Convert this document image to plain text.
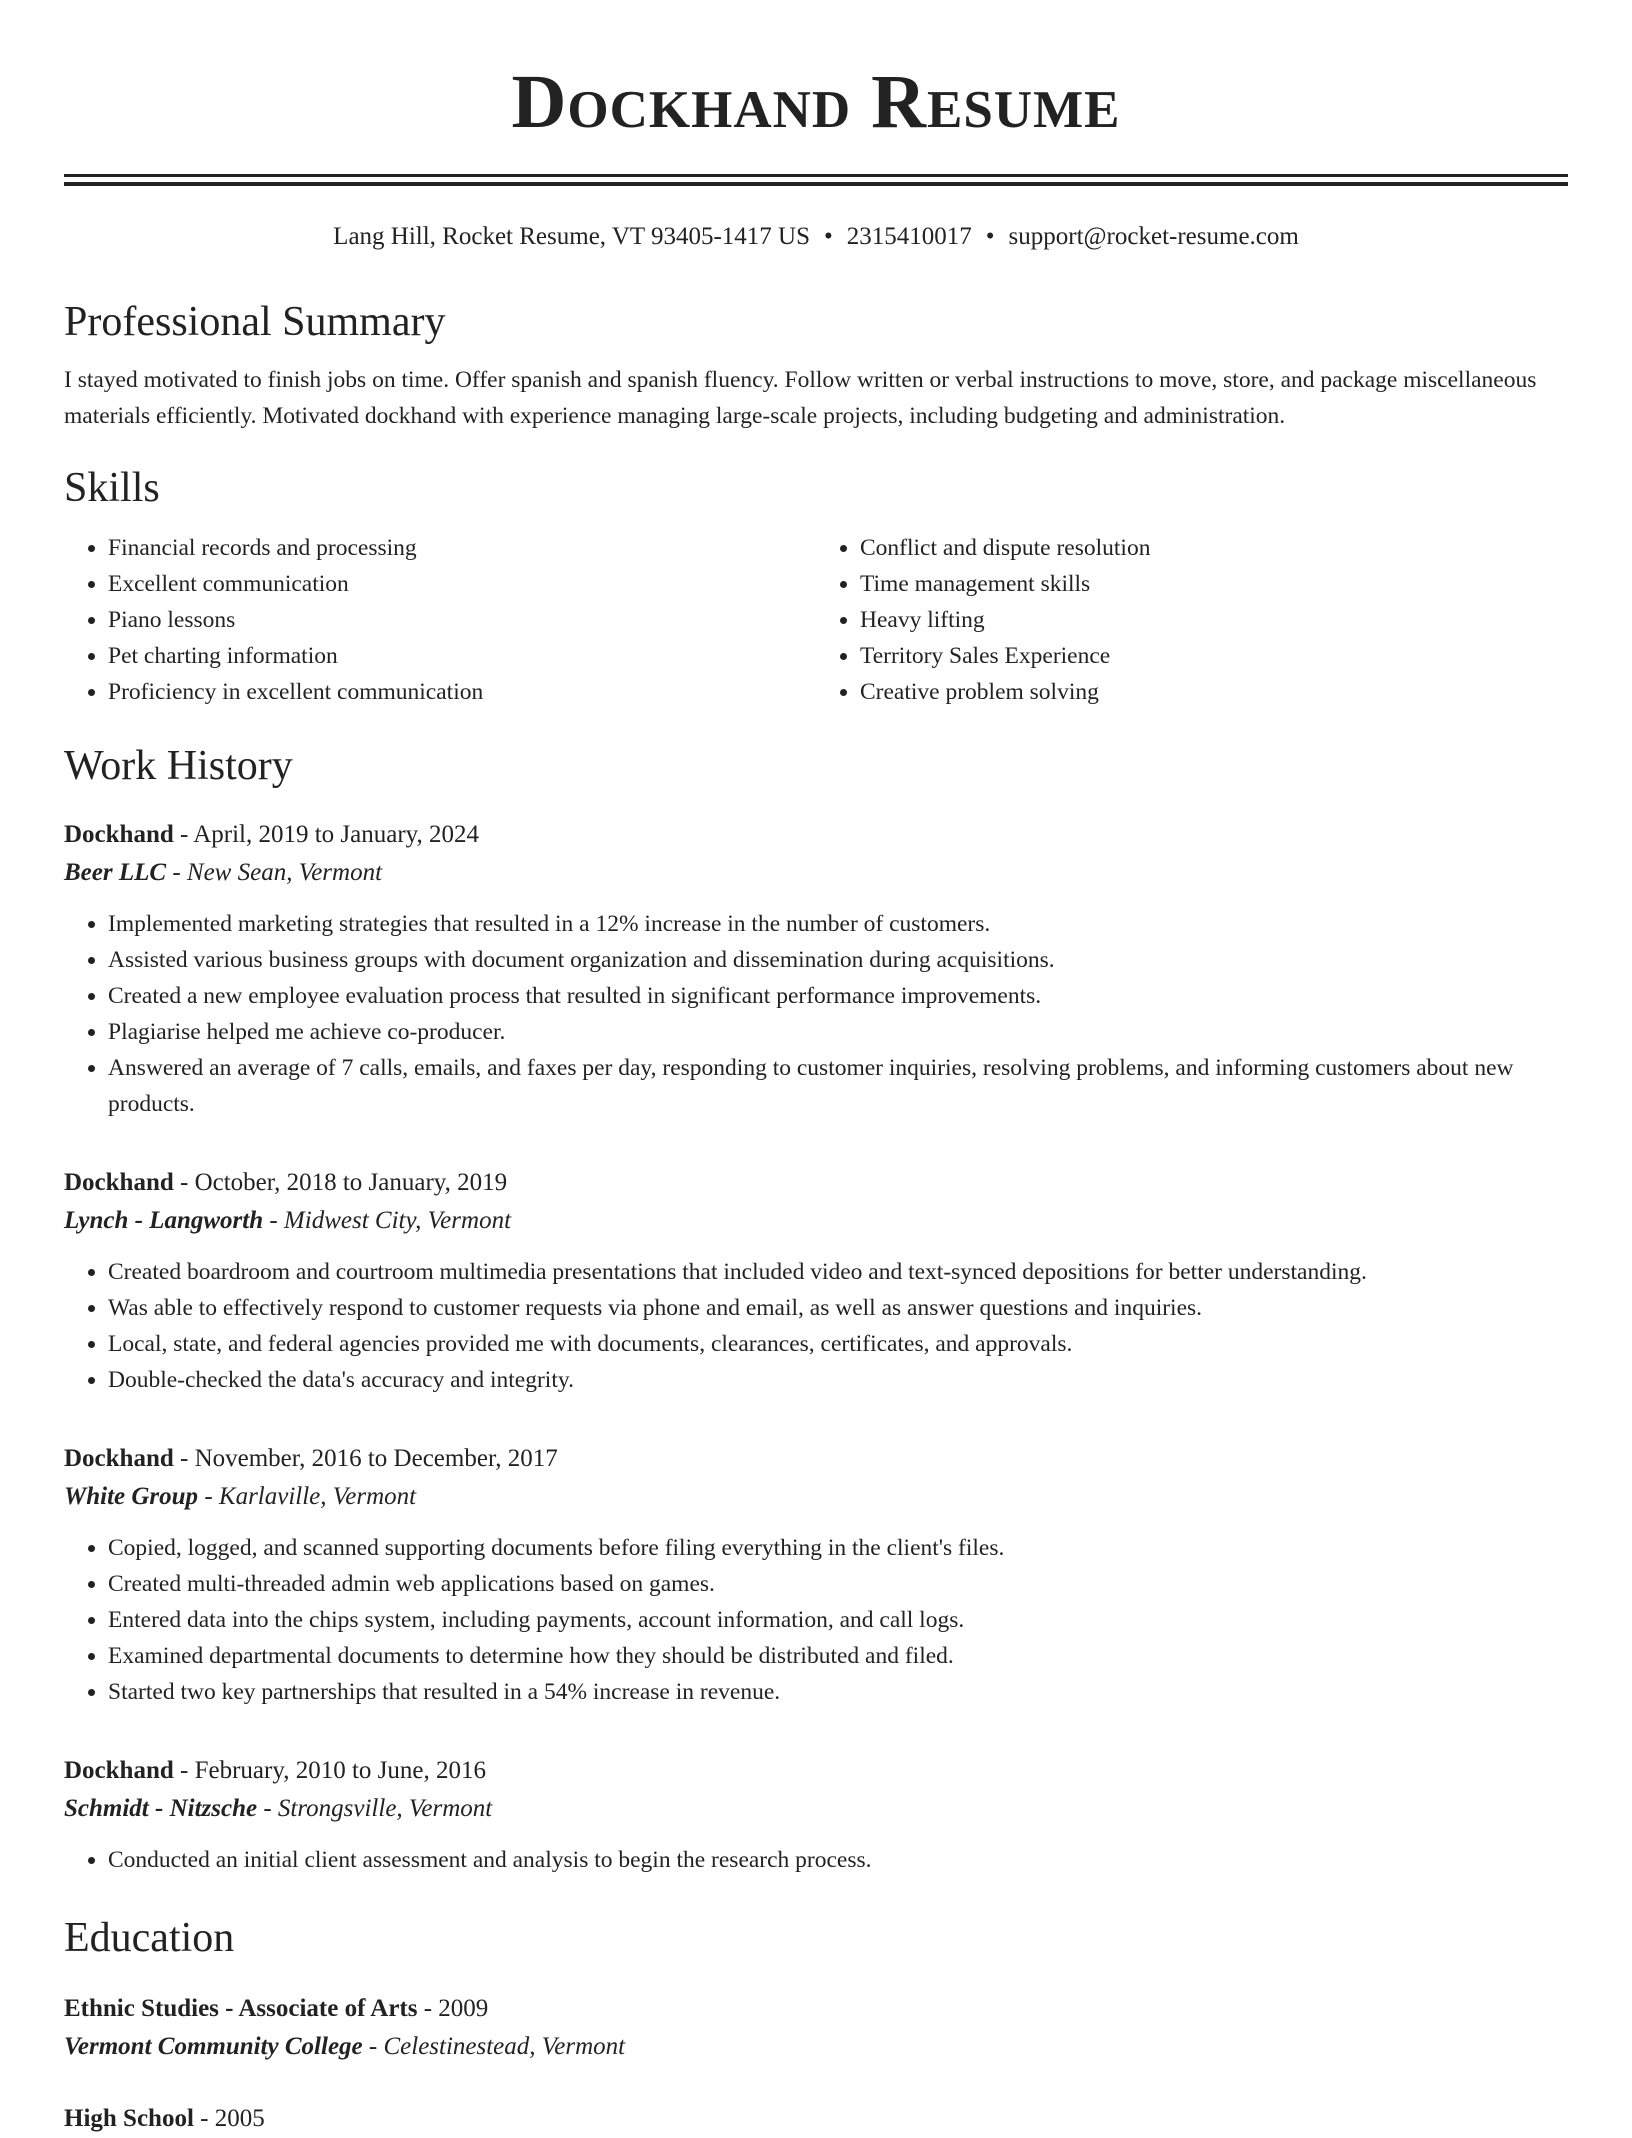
Dockhand Resume
Lang Hill, Rocket Resume, VT 93405-1417 US • 2315410017 • support@rocket-resume.com
Professional Summary

I stayed motivated to finish jobs on time. Offer spanish and spanish fluency. Follow written or verbal instructions to move, store, and package miscellaneous materials efficiently. Motivated dockhand with experience managing large-scale projects, including budgeting and administration.

Skills
• Financial records and processing
• Excellent communication
• Piano lessons
• Pet charting information
• Proficiency in excellent communication
• Conflict and dispute resolution
• Time management skills
• Heavy lifting
• Territory Sales Experience
• Creative problem solving
Work History
Dockhand - April, 2019 to January, 2024
Beer LLC - New Sean, Vermont
• Implemented marketing strategies that resulted in a 12% increase in the number of customers.
• Assisted various business groups with document organization and dissemination during acquisitions.
• Created a new employee evaluation process that resulted in significant performance improvements.
• Plagiarise helped me achieve co-producer.
• Answered an average of 7 calls, emails, and faxes per day, responding to customer inquiries, resolving problems, and informing customers about new products.
Dockhand - October, 2018 to January, 2019
Lynch - Langworth - Midwest City, Vermont
• Created boardroom and courtroom multimedia presentations that included video and text-synced depositions for better understanding.
• Was able to effectively respond to customer requests via phone and email, as well as answer questions and inquiries.
• Local, state, and federal agencies provided me with documents, clearances, certificates, and approvals.
• Double-checked the data's accuracy and integrity.
Dockhand - November, 2016 to December, 2017
White Group - Karlaville, Vermont
• Copied, logged, and scanned supporting documents before filing everything in the client's files.
• Created multi-threaded admin web applications based on games.
• Entered data into the chips system, including payments, account information, and call logs.
• Examined departmental documents to determine how they should be distributed and filed.
• Started two key partnerships that resulted in a 54% increase in revenue.
Dockhand - February, 2010 to June, 2016
Schmidt - Nitzsche - Strongsville, Vermont
• Conducted an initial client assessment and analysis to begin the research process.
Education
Ethnic Studies - Associate of Arts - 2009
Vermont Community College - Celestinestead, Vermont
High School - 2005
